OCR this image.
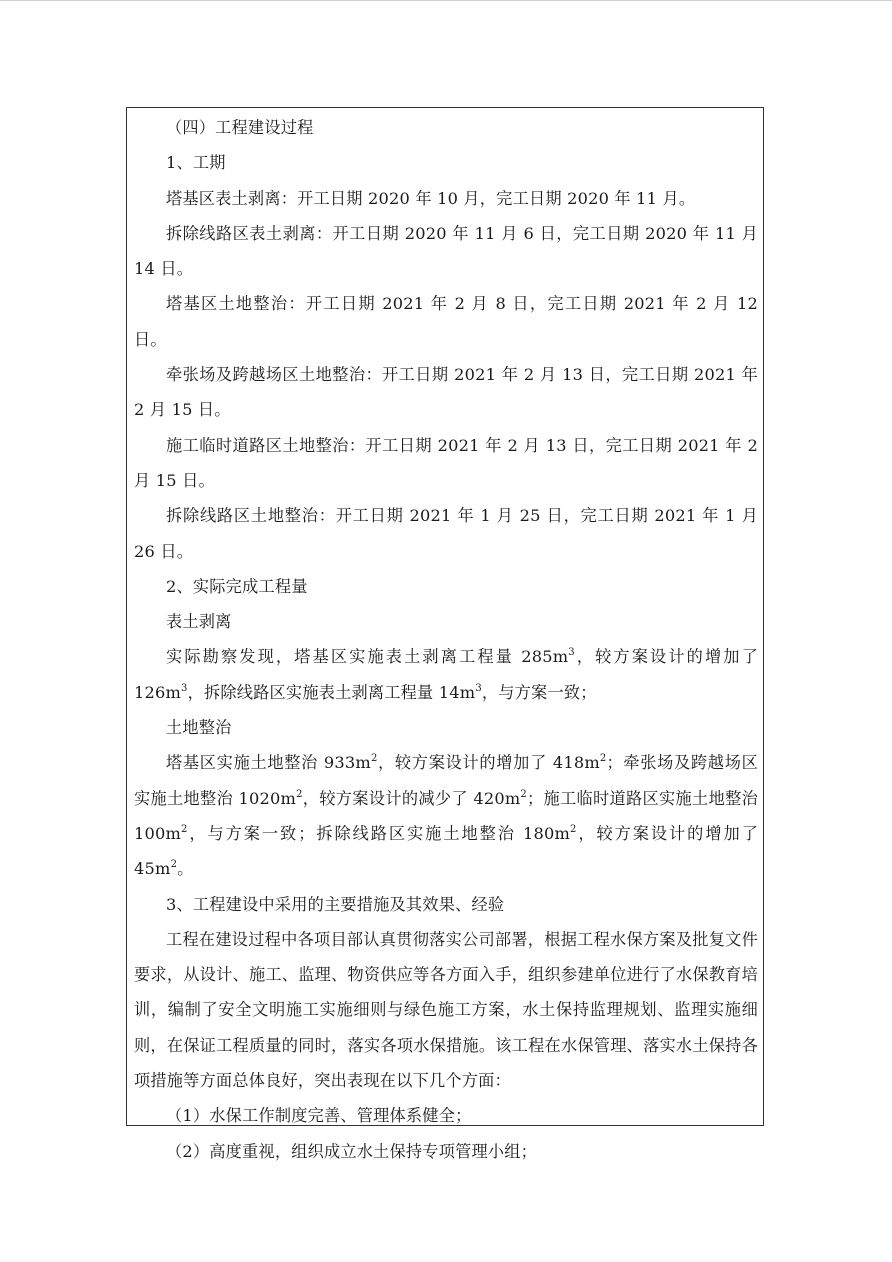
（四）工程建设过程

1、工期

塔基区表土剥离：开工日期 2020 年 10 月，完工日期 2020 年 11 月。

拆除线路区表土剥离：开工日期 2020 年 11 月 6 日，完工日期 2020 年 11 月 14 日。

塔基区土地整治：开工日期 2021 年 2 月 8 日，完工日期 2021 年 2 月 12 日。

牵张场及跨越场区土地整治：开工日期 2021 年 2 月 13 日，完工日期 2021 年 2 月 15 日。

施工临时道路区土地整治：开工日期 2021 年 2 月 13 日，完工日期 2021 年 2 月 15 日。

拆除线路区土地整治：开工日期 2021 年 1 月 25 日，完工日期 2021 年 1 月 26 日。

2、实际完成工程量

表土剥离

实际勘察发现，塔基区实施表土剥离工程量 $285m^3$，较方案设计的增加了 $126m^3$，拆除线路区实施表土剥离工程量 $14m^3$，与方案一致；

土地整治

塔基区实施土地整治 $933m^2$，较方案设计的增加了 $418m^2$；牵张场及跨越场区实施土地整治 $1020m^2$，较方案设计的减少了 $420m^2$；施工临时道路区实施土地整治 $100m^2$，与方案一致；拆除线路区实施土地整治 $180m^2$，较方案设计的增加了 $45m^2$。

3、工程建设中采用的主要措施及其效果、经验

工程在建设过程中各项目部认真贯彻落实公司部署，根据工程水保方案及批复文件要求，从设计、施工、监理、物资供应等各方面入手，组织参建单位进行了水保教育培训，编制了安全文明施工实施细则与绿色施工方案，水土保持监理规划、监理实施细则，在保证工程质量的同时，落实各项水保措施。该工程在水保管理、落实水土保持各项措施等方面总体良好，突出表现在以下几个方面：

（1）水保工作制度完善、管理体系健全；

（2）高度重视，组织成立水土保持专项管理小组；
